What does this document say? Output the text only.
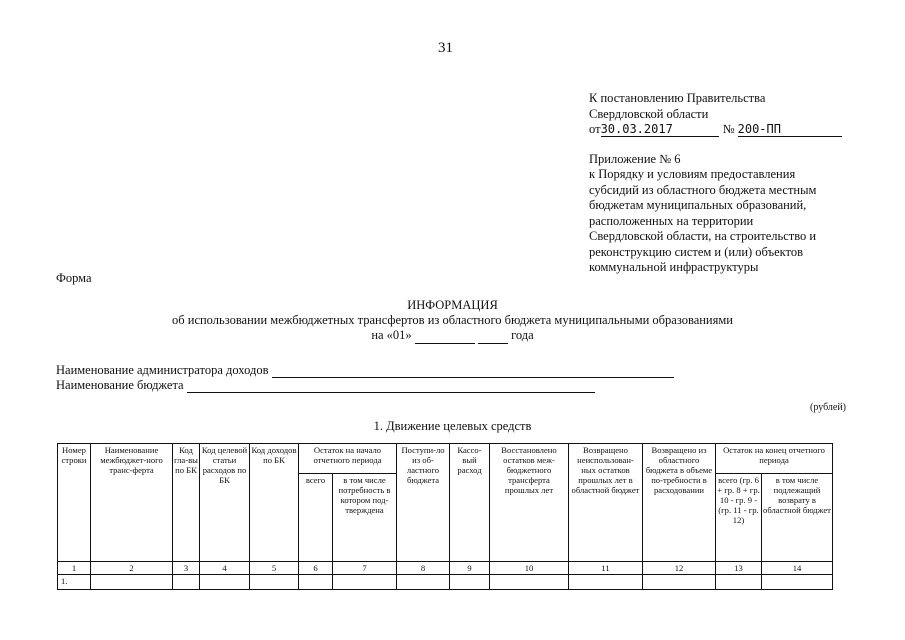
31
К постановлению Правительства
Свердловской области
от30.03.2017	№ 200-ПП
Приложение № 6
к Порядку и условиям предоставления
субсидий из областного бюджета местным
бюджетам муниципальных образований,
расположенных на территории
Свердловской области, на строительство и
реконструкцию систем и (или) объектов
коммунальной инфраструктуры
Форма
ИНФОРМАЦИЯ
об использовании межбюджетных трансфертов из областного бюджета муниципальными образованиями
на «01»	года
Наименование администратора доходов
Наименование бюджета
(рублей)
1. Движение целевых средств
Номер строки	Наименование межбюджет-ного транс-ферта	Код гла-вы по БК	Код целевой статьи расходов по БК	Код доходов по БК	Остаток на начало отчетного периода		Поступи-ло из об-ластного бюджета	Кассо-вый расход	Восстановлено остатков меж-бюджетного трансферта прошлых лет	Возвращено неиспользован-ных остатков прошлых лет в областной бюджет	Возвращено из областного бюджета в объеме по-требности в расходовании	Остаток на конец отчетного периода	
					всего	в том числе потребность в котором под-тверждена						всего (гр. 6 + гр. 8 + гр. 10 - гр. 9 - (гр. 11 - гр. 12)	в том числе подлежащий возврату в областной бюджет
1	2	3	4	5	6	7	8	9	10	11	12	13	14
1.													
